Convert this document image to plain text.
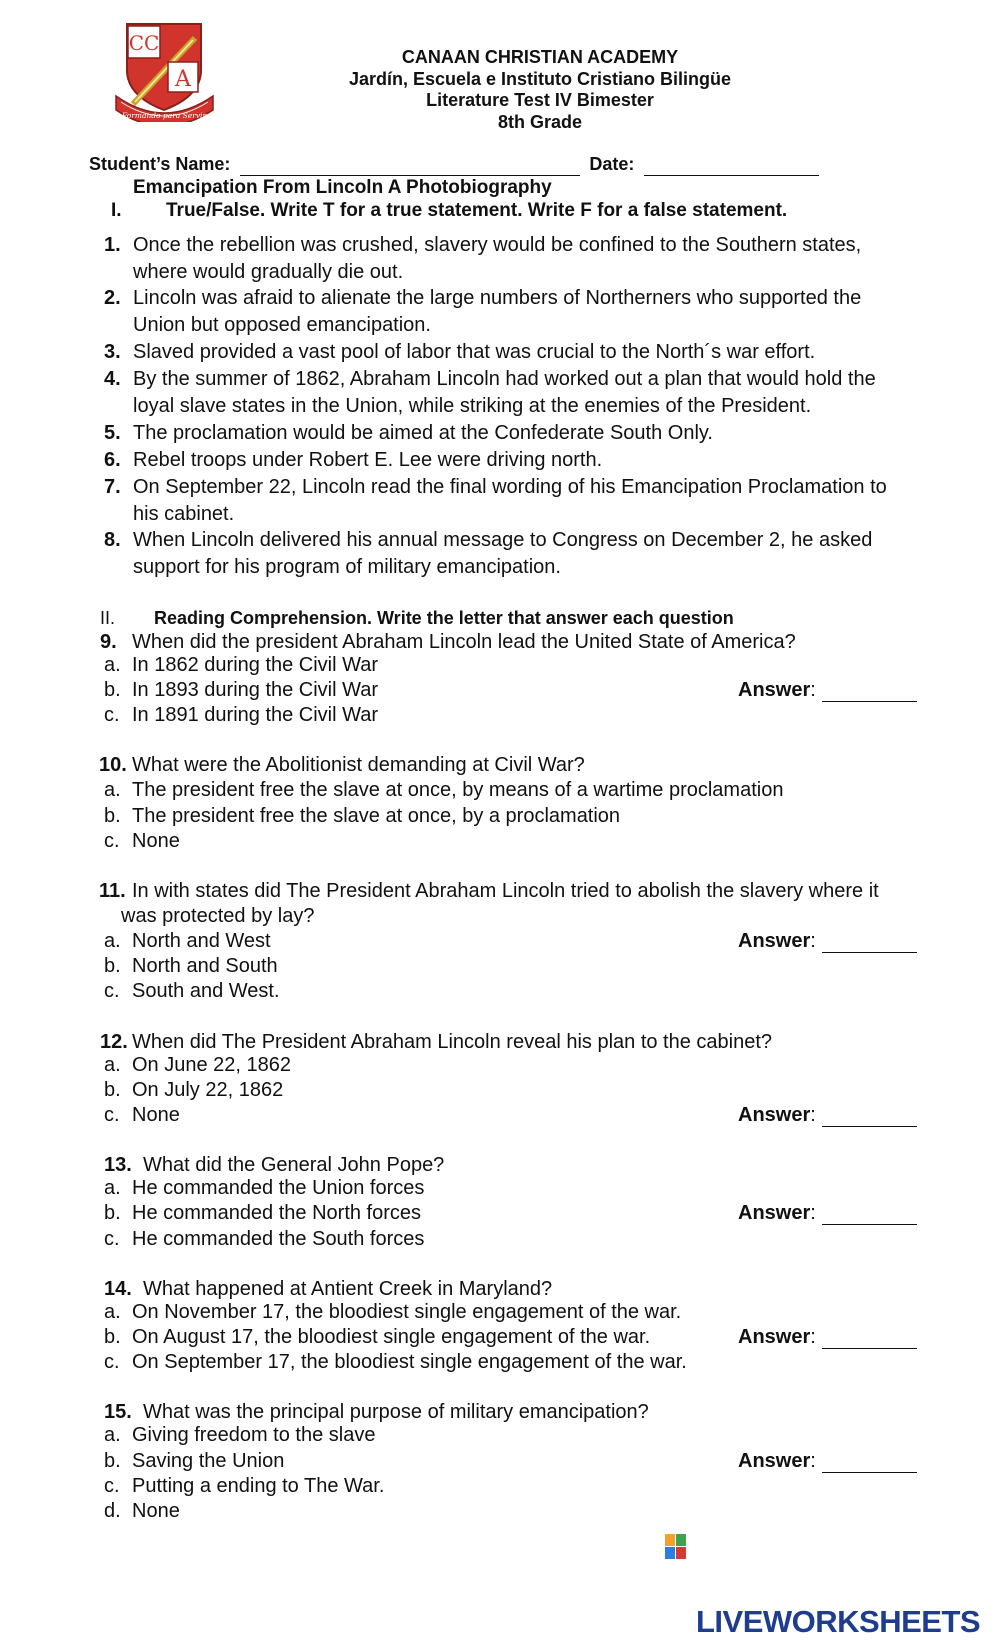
CC
A
Formando para Servir
CANAAN CHRISTIAN ACADEMY
Jardín, Escuela e Instituto Cristiano Bilingüe
Literature Test IV Bimester
8th Grade
Student’s Name:	Date:
Emancipation From Lincoln A Photobiography
I. True/False. Write T for a true statement. Write F for a false statement.
1. Once the rebellion was crushed, slavery would be confined to the Southern states,
where would gradually die out.
2. Lincoln was afraid to alienate the large numbers of Northerners who supported the
Union but opposed emancipation.
3. Slaved provided a vast pool of labor that was crucial to the North´s war effort.
4. By the summer of 1862, Abraham Lincoln had worked out a plan that would hold the
loyal slave states in the Union, while striking at the enemies of the President.
5. The proclamation would be aimed at the Confederate South Only.
6. Rebel troops under Robert E. Lee were driving north.
7. On September 22, Lincoln read the final wording of his Emancipation Proclamation to
his cabinet.
8. When Lincoln delivered his annual message to Congress on December 2, he asked
support for his program of military emancipation.
II. Reading Comprehension. Write the letter that answer each question
9. When did the president Abraham Lincoln lead the United State of America?
a. In 1862 during the Civil War
b. In 1893 during the Civil War
c. In 1891 during the Civil War
Answer:
10. What were the Abolitionist demanding at Civil War?
a. The president free the slave at once, by means of a wartime proclamation
b. The president free the slave at once, by a proclamation
c. None
11. In with states did The President Abraham Lincoln tried to abolish the slavery where it
was protected by lay?
a. North and West
b. North and South
c. South and West.
Answer:
12. When did The President Abraham Lincoln reveal his plan to the cabinet?
a. On June 22, 1862
b. On July 22, 1862
c. None	Answer:
13. What did the General John Pope?
a. He commanded the Union forces
b. He commanded the North forces
c. He commanded the South forces
Answer:
14. What happened at Antient Creek in Maryland?
a. On November 17, the bloodiest single engagement of the war.
b. On August 17, the bloodiest single engagement of the war.
c. On September 17, the bloodiest single engagement of the war.
Answer:
15. What was the principal purpose of military emancipation?
a. Giving freedom to the slave
b. Saving the Union
c. Putting a ending to The War.
d. None
Answer:
LIVEWORKSHEETS
